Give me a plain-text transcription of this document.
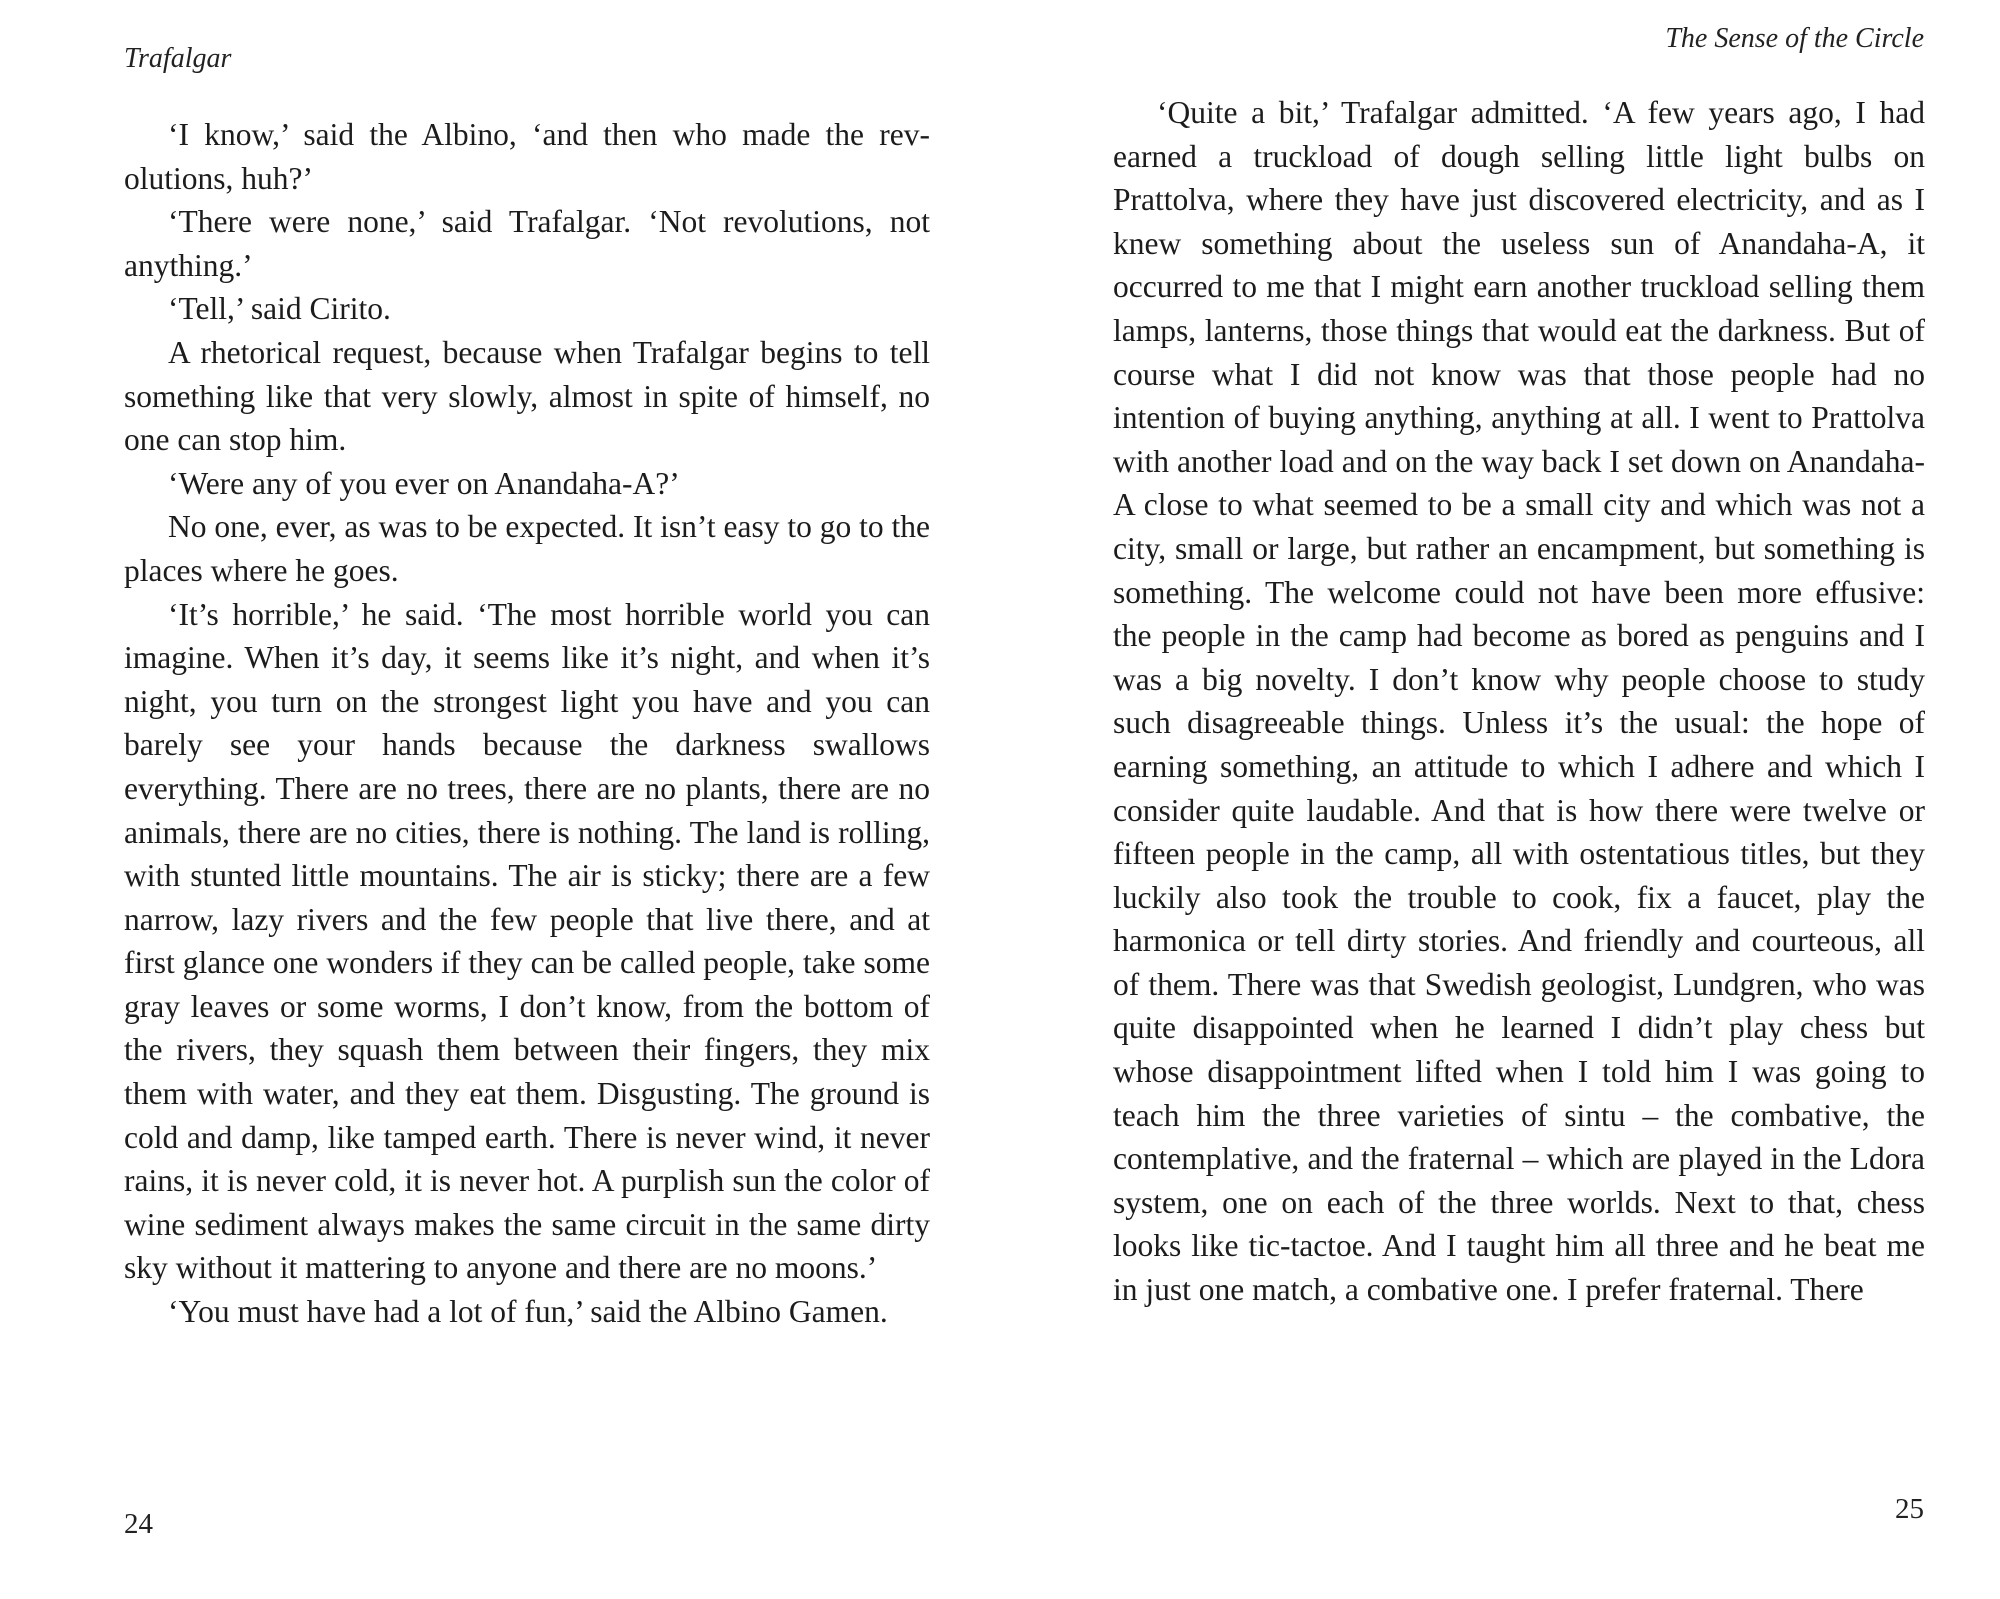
Trafalgar

‘I know,’ said the Albino, ‘and then who made the revolutions, huh?’

‘There were none,’ said Trafalgar. ‘Not revolutions, not anything.’

‘Tell,’ said Cirito.

A rhetorical request, because when Trafalgar begins to tell something like that very slowly, almost in spite of himself, no one can stop him.

‘Were any of you ever on Anandaha-A?’

No one, ever, as was to be expected. It isn’t easy to go to the places where he goes.

‘It’s horrible,’ he said. ‘The most horrible world you can imagine. When it’s day, it seems like it’s night, and when it’s night, you turn on the strongest light you have and you can barely see your hands because the darkness swallows everything. There are no trees, there are no plants, there are no animals, there are no cities, there is nothing. The land is rolling, with stunted little mountains. The air is sticky; there are a few narrow, lazy rivers and the few people that live there, and at first glance one wonders if they can be called people, take some gray leaves or some worms, I don’t know, from the bottom of the rivers, they squash them between their fingers, they mix them with water, and they eat them. Disgusting. The ground is cold and damp, like tamped earth. There is never wind, it never rains, it is never cold, it is never hot. A purplish sun the color of wine sediment always makes the same circuit in the same dirty sky without it mattering to anyone and there are no moons.’

‘You must have had a lot of fun,’ said the Albino Gamen.

24

The Sense of the Circle

‘Quite a bit,’ Trafalgar admitted. ‘A few years ago, I had earned a truckload of dough selling little light bulbs on Prattolva, where they have just discovered electricity, and as I knew something about the useless sun of Anandaha-A, it occurred to me that I might earn another truckload selling them lamps, lanterns, those things that would eat the darkness. But of course what I did not know was that those people had no intention of buying anything, anything at all. I went to Prattolva with another load and on the way back I set down on Anandaha-A close to what seemed to be a small city and which was not a city, small or large, but rather an encampment, but something is something. The welcome could not have been more effusive: the people in the camp had become as bored as penguins and I was a big novelty. I don’t know why people choose to study such disagreeable things. Unless it’s the usual: the hope of earning something, an attitude to which I adhere and which I consider quite laudable. And that is how there were twelve or fifteen people in the camp, all with ostentatious titles, but they luckily also took the trouble to cook, fix a faucet, play the harmonica or tell dirty stories. And friendly and courteous, all of them. There was that Swedish geologist, Lundgren, who was quite disappointed when he learned I didn’t play chess but whose disappointment lifted when I told him I was going to teach him the three varieties of sintu – the combative, the contemplative, and the fraternal – which are played in the Ldora system, one on each of the three worlds. Next to that, chess looks like tic-tactoe. And I taught him all three and he beat me in just one match, a combative one. I prefer fraternal. There

25
